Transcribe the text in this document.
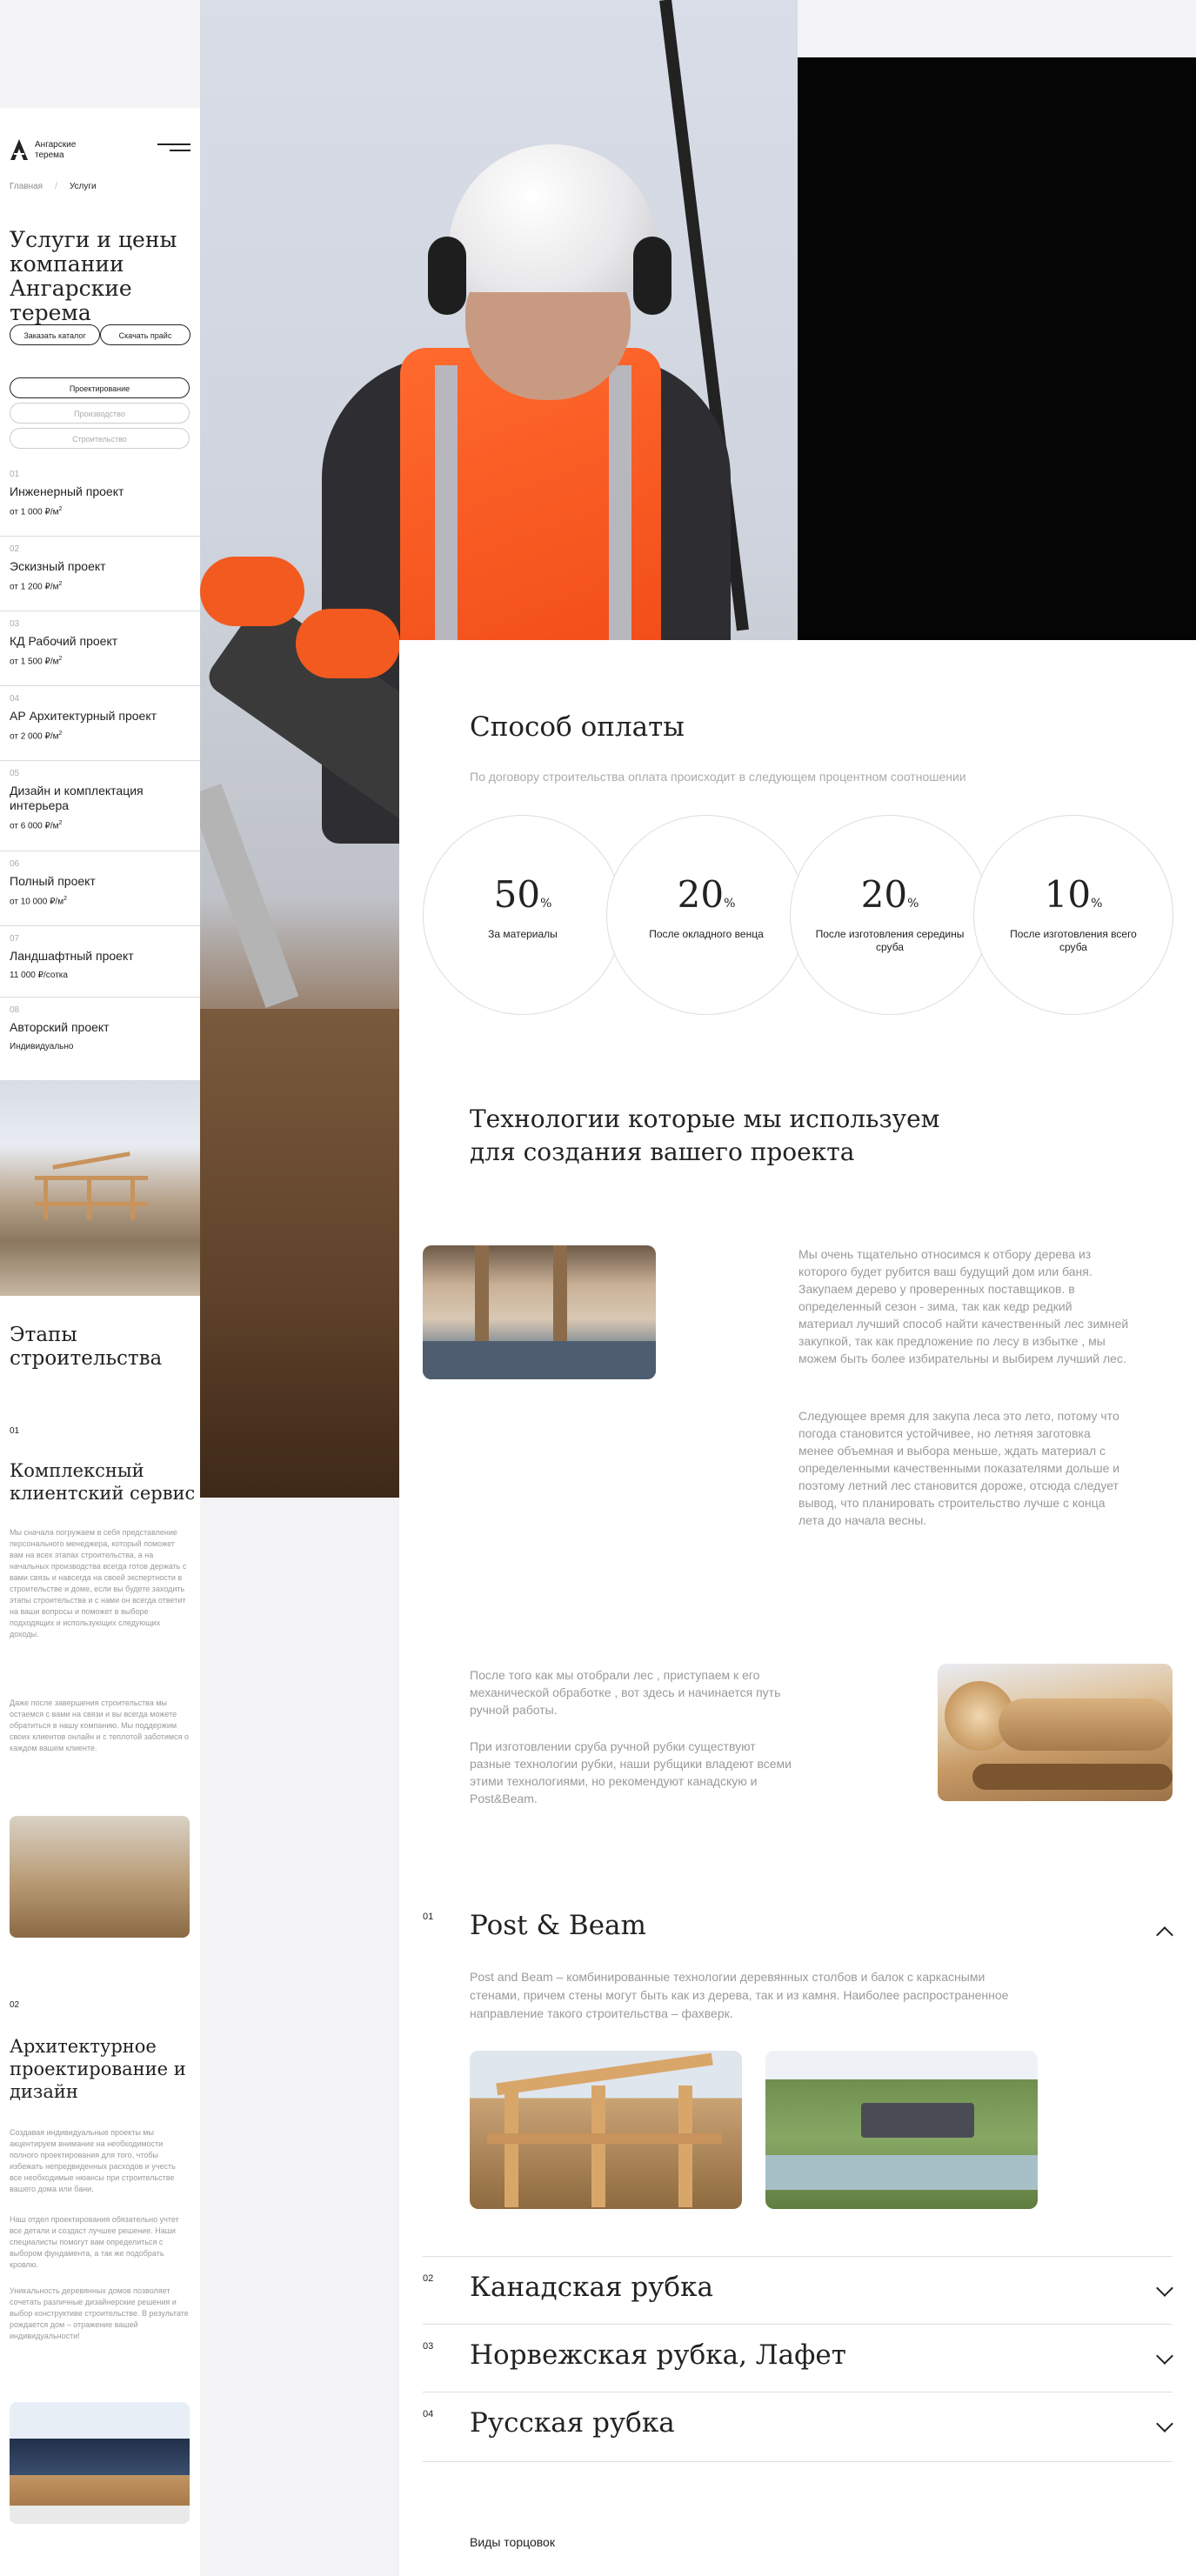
Ангарские терема
Главная / Услуги
Услуги и цены компании Ангарские терема
Заказать каталог	Скачать прайс
Проектирование
Производство
Строительство
01
Инженерный проект
от 1 000 $₽/м^2$
02
Эскизный проект
от 1 200 $₽/м^2$
03
КД Рабочий проект
от 1 500 $₽/м^2$
04
АР Архитектурный проект
от 2 000 $₽/м^2$
05
Дизайн и комплектация интерьера
от 6 000 $₽/м^2$
06
Полный проект
от 10 000 $₽/м^2$
07
Ландшафтный проект
11 000 ₽/сотка
08
Авторский проект
Индивидуально
Этапы строительства
01
Комплексный клиентский сервис
Мы сначала погружаем в себя представление персонального менеджера, который поможет вам на всех этапах строительства, а на начальных производства всегда готов держать с вами связь и навсегда на своей экспертности в строительстве и доме, если вы будете заходить этапы строительства и с нами он всегда ответит на ваши вопросы и поможет в выборе подходящих и использующих следующих доходы.
Даже после завершения строительства мы остаемся с вами на связи и вы всегда можете обратиться в нашу компанию. Мы поддержим своих клиентов онлайн и с теплотой заботимся о каждом вашем клиенте.
02
Архитектурное проектирование и дизайн
Создавая индивидуальные проекты мы акцентируем внимание на необходимости полного проектирования для того, чтобы избежать непредвиденных расходов и учесть все необходимые нюансы при строительстве вашего дома или бани.
Наш отдел проектирования обязательно учтет все детали и создаст лучшее решение. Наши специалисты помогут вам определиться с выбором фундамента, а так же подобрать кровлю.
Уникальность деревянных домов позволяет сочетать различные дизайнерские решения и выбор конструктиве строительстве. В результате рождается дом – отражение вашей индивидуальности!
Способ оплаты
По договору строительства оплата происходит в следующем процентном соотношении
50%
За материалы
20%
После окладного венца
20%
После изготовления середины сруба
10%
После изготовления всего сруба
Технологии которые мы используем для создания вашего проекта
Мы очень тщательно относимся к отбору дерева из которого будет рубится ваш будущий дом или баня. Закупаем дерево у проверенных поставщиков. в определенный сезон - зима, так как кедр редкий материал лучший способ найти качественный лес зимней закупкой, так как предложение по лесу в избытке , мы можем быть более избирательны и выбирем лучший лес.
Следующее время для закупа леса это лето, потому что погода становится устойчивее, но летняя заготовка менее объемная и выбора меньше, ждать материал с определенными качественными показателями дольше и поэтому летний лес становится дороже, отсюда следует вывод, что планировать строительство лучше с конца лета до начала весны.
После того как мы отобрали лес , приступаем к его механической обработке , вот здесь и начинается путь ручной работы.
При изготовлении сруба ручной рубки существуют разные технологии рубки, наши рубщики владеют всеми этими технологиями, но рекомендуют канадскую и Post&Beam.
01 Post & Beam
Post and Beam – комбинированные технологии деревянных столбов и балок с каркасными стенами, причем стены могут быть как из дерева, так и из камня. Наиболее распространенное направление такого строительства – фахверк.
02 Канадская рубка
03 Норвежская рубка, Лафет
04 Русская рубка
Виды торцовок
